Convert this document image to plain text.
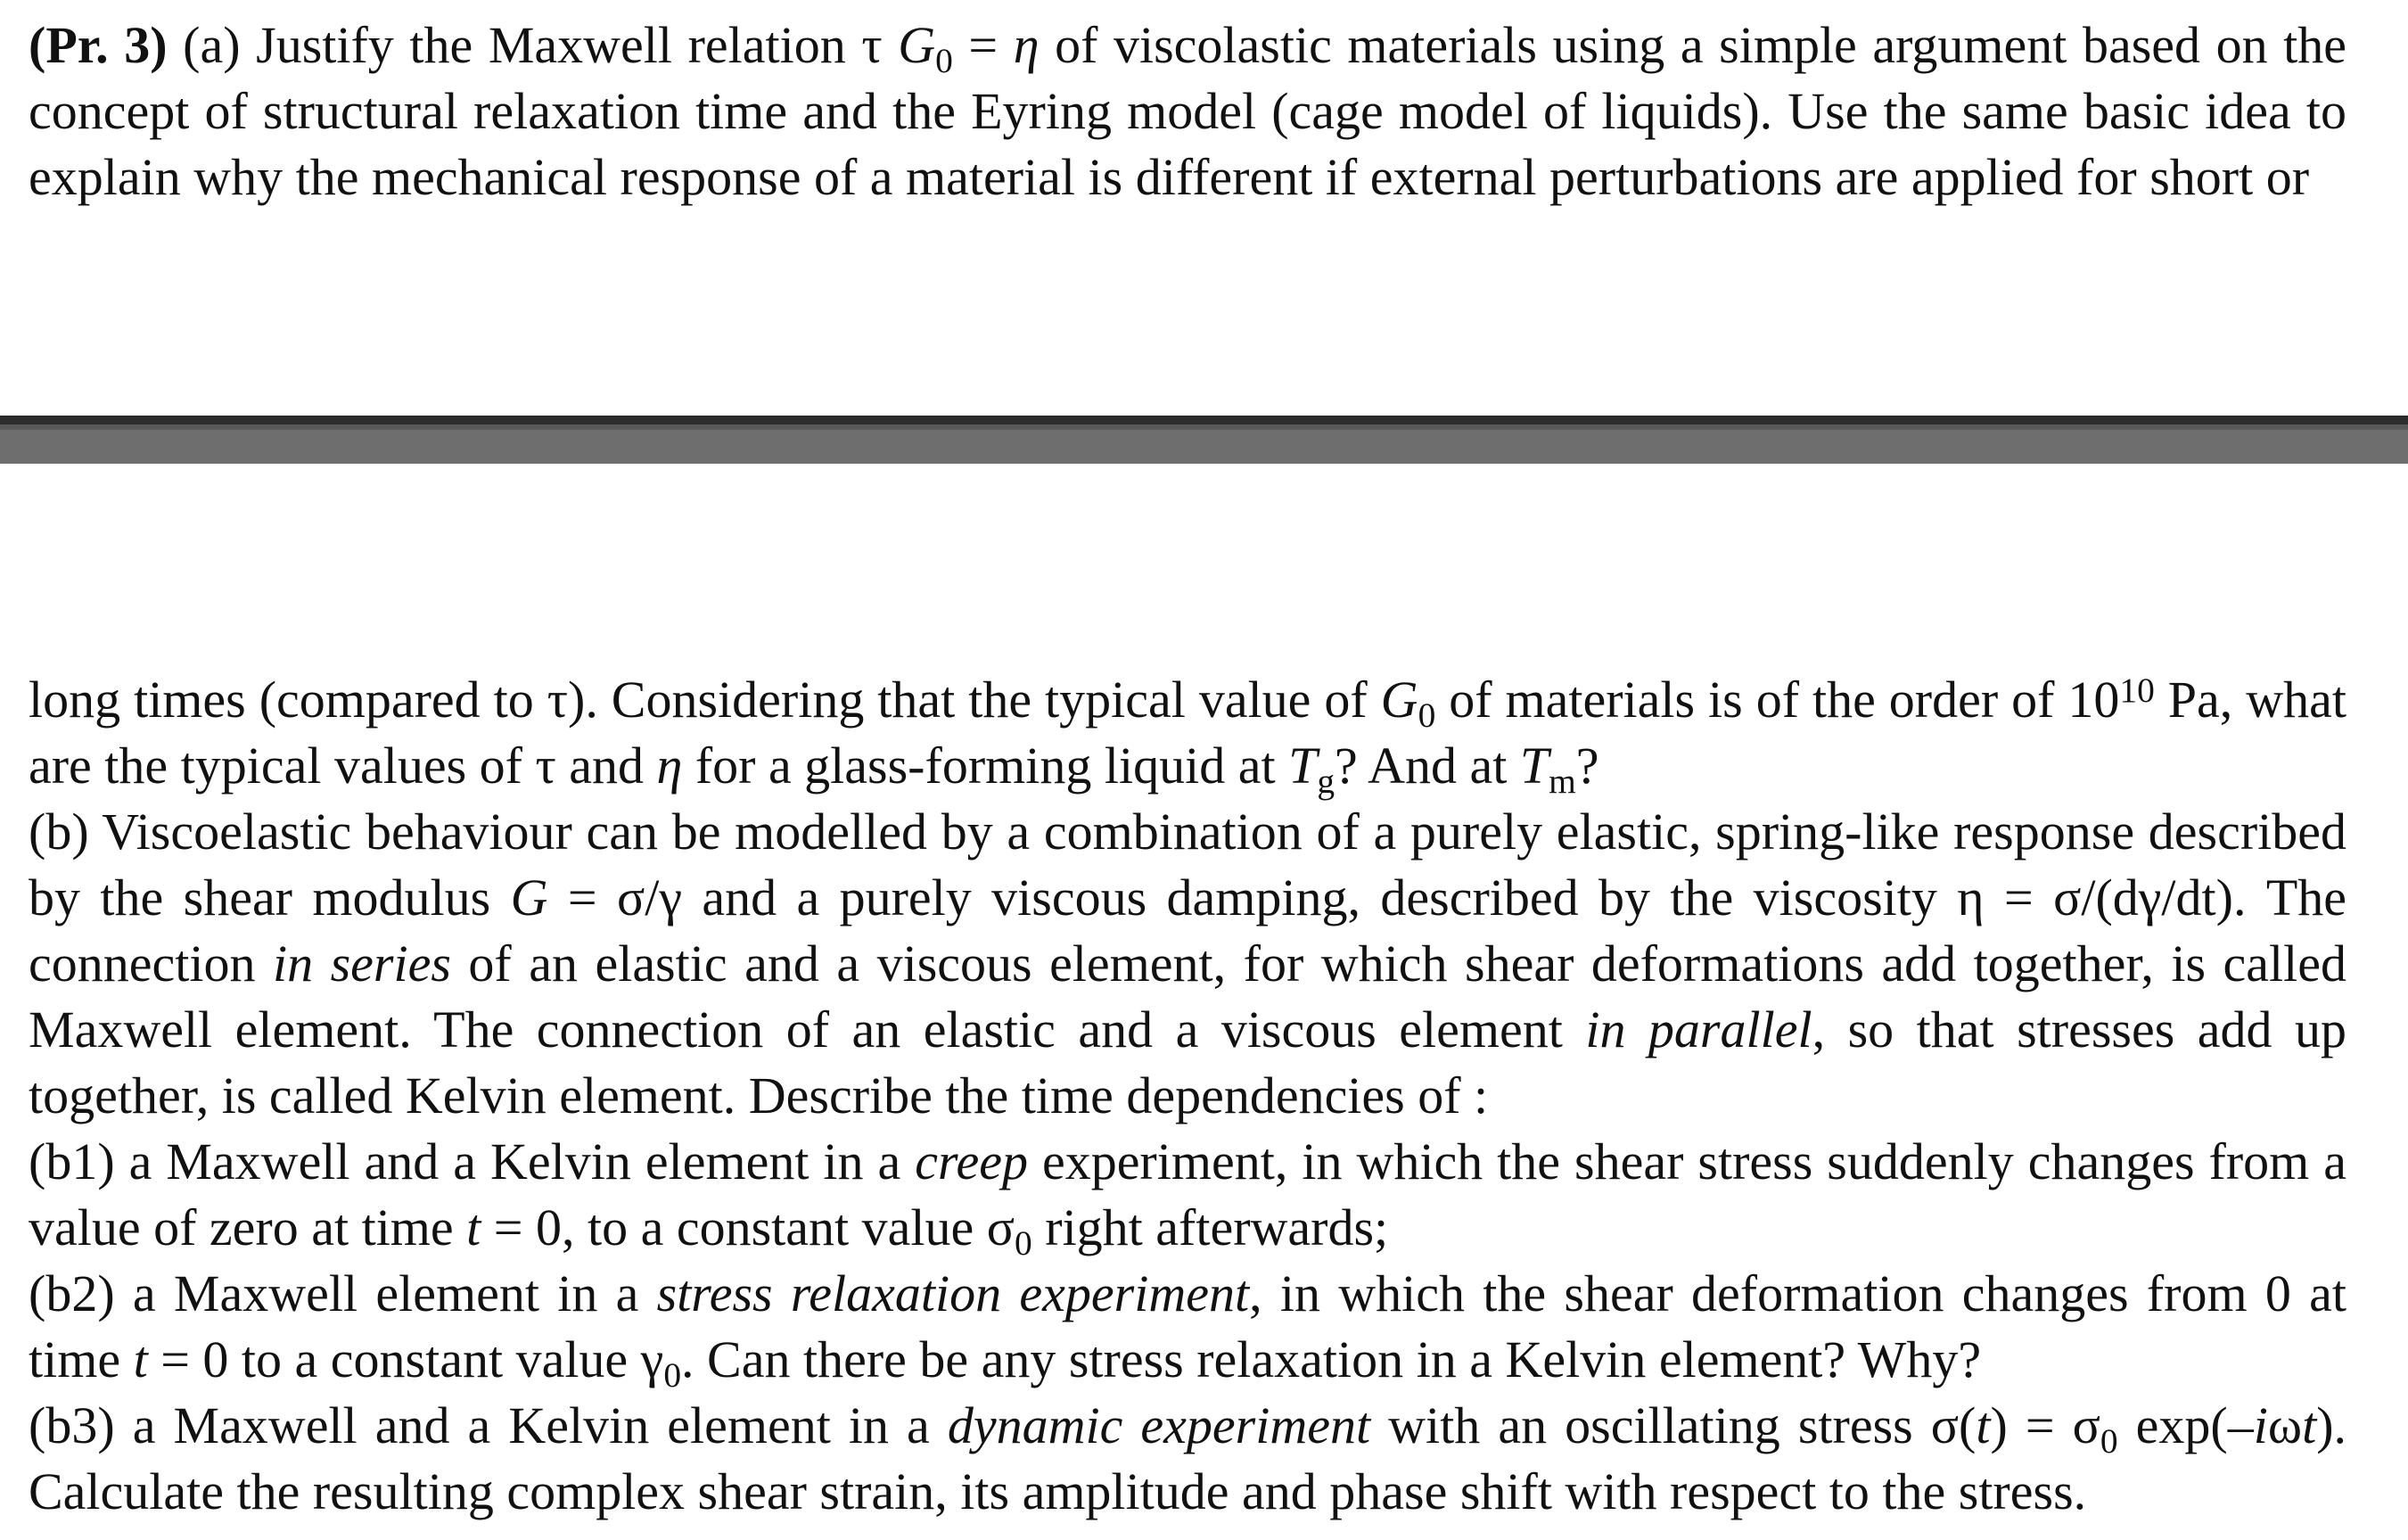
(Pr. 3) (a) Justify the Maxwell relation τ $G_0 = \eta$ of viscolastic materials using a simple argument based on the concept of structural relaxation time and the Eyring model (cage model of liquids). Use the same basic idea to explain why the mechanical response of a material is different if external perturbations are applied for short or

long times (compared to τ). Considering that the typical value of $G_0$ of materials is of the order of $10^{10}$ Pa, what are the typical values of τ and η for a glass-forming liquid at $T_g$? And at $T_m$?

(b) Viscoelastic behaviour can be modelled by a combination of a purely elastic, spring-like response described by the shear modulus G = σ/γ and a purely viscous damping, described by the viscosity η = σ/(dγ/dt). The connection in series of an elastic and a viscous element, for which shear deformations add together, is called Maxwell element. The connection of an elastic and a viscous element in parallel, so that stresses add up together, is called Kelvin element. Describe the time dependencies of :

(b1) a Maxwell and a Kelvin element in a creep experiment, in which the shear stress suddenly changes from a value of zero at time t = 0, to a constant value $\sigma_0$ right afterwards;

(b2) a Maxwell element in a stress relaxation experiment, in which the shear deformation changes from 0 at time t = 0 to a constant value $\gamma_0$. Can there be any stress relaxation in a Kelvin element? Why?

(b3) a Maxwell and a Kelvin element in a dynamic experiment with an oscillating stress $\sigma(t) = \sigma_0$ exp(–iωt). Calculate the resulting complex shear strain, its amplitude and phase shift with respect to the stress.
